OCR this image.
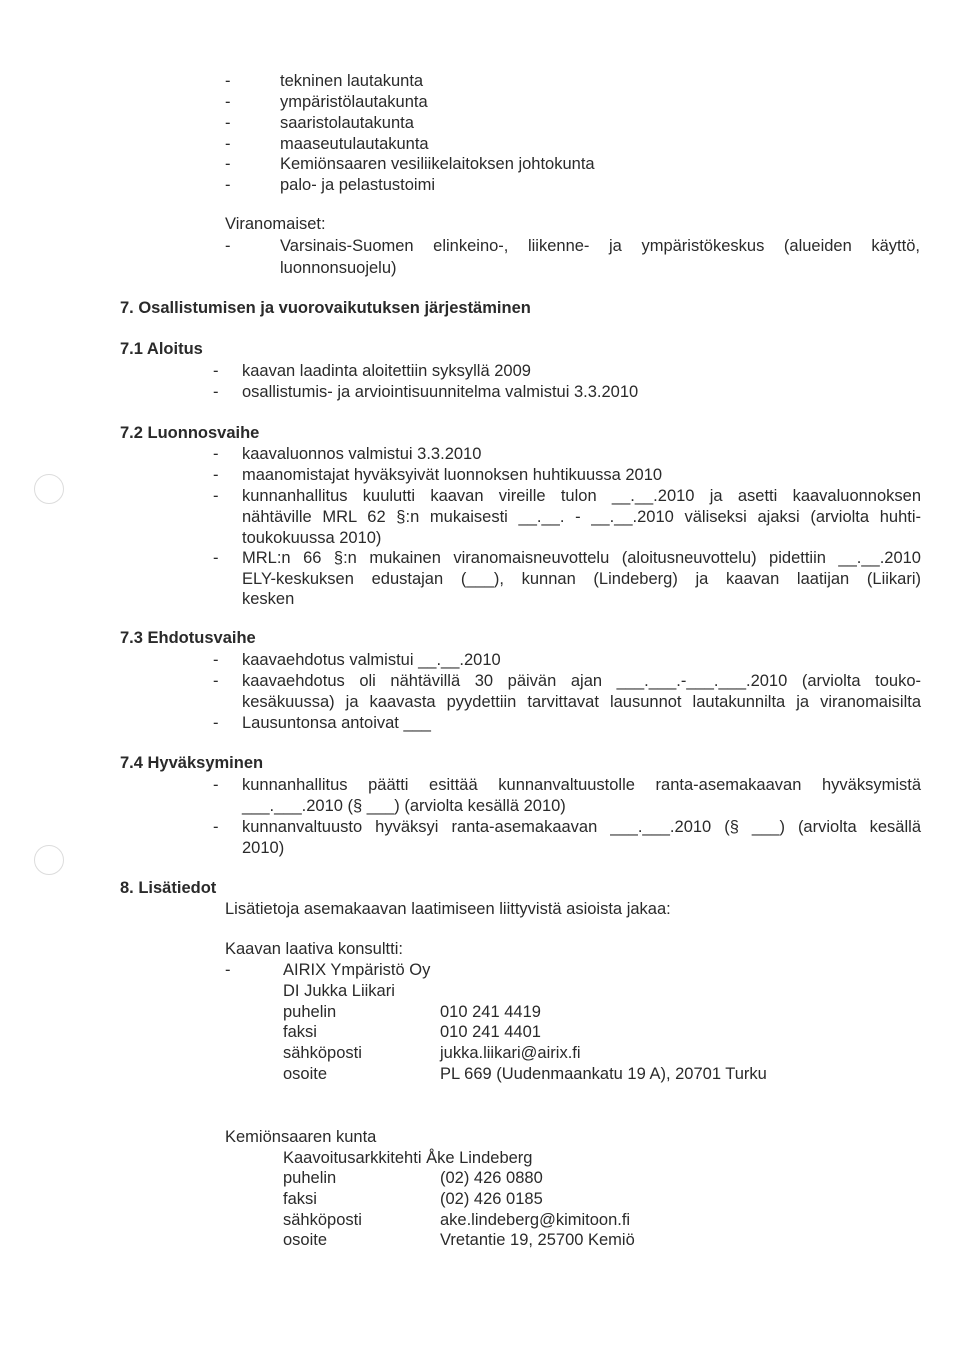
-	tekninen lautakunta
-	ympäristölautakunta
-	saaristolautakunta
-	maaseutulautakunta
-	Kemiönsaaren vesiliikelaitoksen johtokunta
-	palo- ja pelastustoimi
Viranomaiset:
-	Varsinais-Suomen elinkeino-, liikenne- ja ympäristökeskus (alueiden käyttö,
luonnonsuojelu)
7. Osallistumisen ja vuorovaikutuksen järjestäminen
7.1 Aloitus
- kaavan laadinta aloitettiin syksyllä 2009
- osallistumis- ja arviointisuunnitelma valmistui 3.3.2010
7.2 Luonnosvaihe
- kaavaluonnos valmistui 3.3.2010
- maanomistajat hyväksyivät luonnoksen huhtikuussa 2010
- kunnanhallitus kuulutti kaavan vireille tulon __.__.2010 ja asetti kaavaluonnoksen
nähtäville MRL 62 §:n mukaisesti __.__. - __.__.2010 väliseksi ajaksi (arviolta huhti-
toukokuussa 2010)
- MRL:n 66 §:n mukainen viranomaisneuvottelu (aloitusneuvottelu) pidettiin __.__.2010
ELY-keskuksen edustajan (___), kunnan (Lindeberg) ja kaavan laatijan (Liikari)
kesken
7.3 Ehdotusvaihe
- kaavaehdotus valmistui __.__.2010
- kaavaehdotus oli nähtävillä 30 päivän ajan ___.___.-___.___.2010 (arviolta touko-
kesäkuussa) ja kaavasta pyydettiin tarvittavat lausunnot lautakunnilta ja viranomaisilta
- Lausuntonsa antoivat ___
7.4 Hyväksyminen
- kunnanhallitus päätti esittää kunnanvaltuustolle ranta-asemakaavan hyväksymistä
___.___.2010 (§ ___) (arviolta kesällä 2010)
- kunnanvaltuusto hyväksyi ranta-asemakaavan ___.___.2010 (§ ___) (arviolta kesällä
2010)
8. Lisätiedot
Lisätietoja asemakaavan laatimiseen liittyvistä asioista jakaa:
Kaavan laativa konsultti:
-	AIRIX Ympäristö Oy
DI Jukka Liikari
puhelin	010 241 4419
faksi	010 241 4401
sähköposti	jukka.liikari@airix.fi
osoite	PL 669 (Uudenmaankatu 19 A), 20701 Turku
Kemiönsaaren kunta
Kaavoitusarkkitehti Åke Lindeberg
puhelin	(02) 426 0880
faksi	(02) 426 0185
sähköposti	ake.lindeberg@kimitoon.fi
osoite	Vretantie 19, 25700 Kemiö
